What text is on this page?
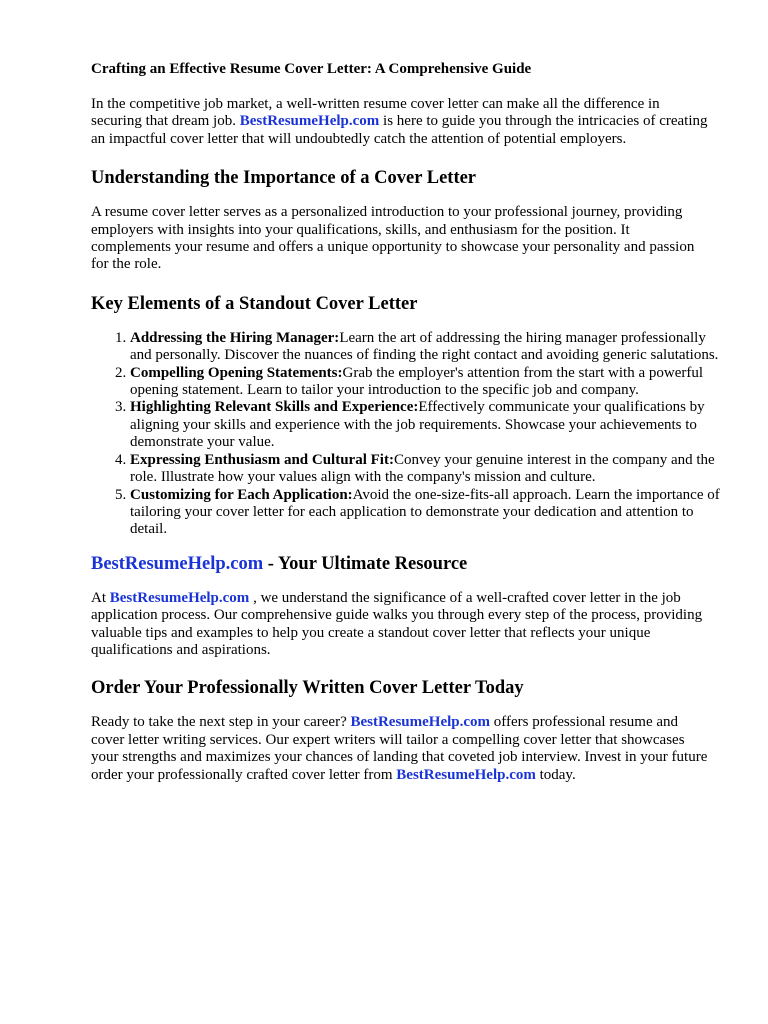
Crafting an Effective Resume Cover Letter: A Comprehensive Guide

In the competitive job market, a well-written resume cover letter can make all the difference in securing that dream job. BestResumeHelp.com is here to guide you through the intricacies of creating an impactful cover letter that will undoubtedly catch the attention of potential employers.

Understanding the Importance of a Cover Letter

A resume cover letter serves as a personalized introduction to your professional journey, providing employers with insights into your qualifications, skills, and enthusiasm for the position. It complements your resume and offers a unique opportunity to showcase your personality and passion for the role.

Key Elements of a Standout Cover Letter
1. Addressing the Hiring Manager:Learn the art of addressing the hiring manager professionally and personally. Discover the nuances of finding the right contact and avoiding generic salutations.
2. Compelling Opening Statements:Grab the employer's attention from the start with a powerful opening statement. Learn to tailor your introduction to the specific job and company.
3. Highlighting Relevant Skills and Experience:Effectively communicate your qualifications by aligning your skills and experience with the job requirements. Showcase your achievements to demonstrate your value.
4. Expressing Enthusiasm and Cultural Fit:Convey your genuine interest in the company and the role. Illustrate how your values align with the company's mission and culture.
5. Customizing for Each Application:Avoid the one-size-fits-all approach. Learn the importance of tailoring your cover letter for each application to demonstrate your dedication and attention to detail.
BestResumeHelp.com - Your Ultimate Resource

At BestResumeHelp.com , we understand the significance of a well-crafted cover letter in the job application process. Our comprehensive guide walks you through every step of the process, providing valuable tips and examples to help you create a standout cover letter that reflects your unique qualifications and aspirations.

Order Your Professionally Written Cover Letter Today

Ready to take the next step in your career? BestResumeHelp.com offers professional resume and cover letter writing services. Our expert writers will tailor a compelling cover letter that showcases your strengths and maximizes your chances of landing that coveted job interview. Invest in your future    order your professionally crafted cover letter from BestResumeHelp.com today.
